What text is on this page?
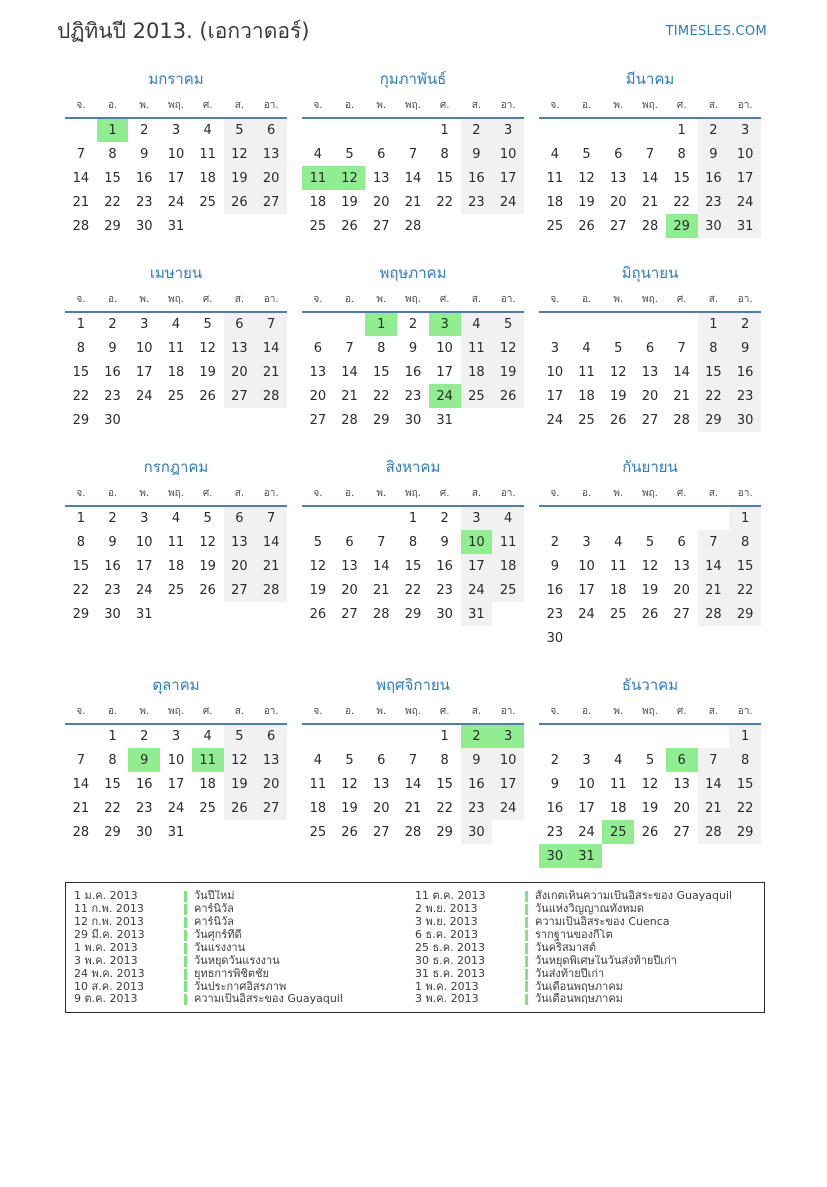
ปฏิทินปี 2013. (เอกวาดอร์)	TIMESLES.COM
มกราคม
จ.	อ.	พ.	พฤ.	ศ.	ส.	อา.
	1	2	3	4	5	6
7	8	9	10	11	12	13
14	15	16	17	18	19	20
21	22	23	24	25	26	27
28	29	30	31			
กุมภาพันธ์
จ.	อ.	พ.	พฤ.	ศ.	ส.	อา.
				1	2	3
4	5	6	7	8	9	10
11	12	13	14	15	16	17
18	19	20	21	22	23	24
25	26	27	28			
มีนาคม
จ.	อ.	พ.	พฤ.	ศ.	ส.	อา.
				1	2	3
4	5	6	7	8	9	10
11	12	13	14	15	16	17
18	19	20	21	22	23	24
25	26	27	28	29	30	31
เมษายน
จ.	อ.	พ.	พฤ.	ศ.	ส.	อา.
1	2	3	4	5	6	7
8	9	10	11	12	13	14
15	16	17	18	19	20	21
22	23	24	25	26	27	28
29	30					
พฤษภาคม
จ.	อ.	พ.	พฤ.	ศ.	ส.	อา.
		1	2	3	4	5
6	7	8	9	10	11	12
13	14	15	16	17	18	19
20	21	22	23	24	25	26
27	28	29	30	31		
มิถุนายน
จ.	อ.	พ.	พฤ.	ศ.	ส.	อา.
					1	2
3	4	5	6	7	8	9
10	11	12	13	14	15	16
17	18	19	20	21	22	23
24	25	26	27	28	29	30
กรกฎาคม
จ.	อ.	พ.	พฤ.	ศ.	ส.	อา.
1	2	3	4	5	6	7
8	9	10	11	12	13	14
15	16	17	18	19	20	21
22	23	24	25	26	27	28
29	30	31				
สิงหาคม
จ.	อ.	พ.	พฤ.	ศ.	ส.	อา.
			1	2	3	4
5	6	7	8	9	10	11
12	13	14	15	16	17	18
19	20	21	22	23	24	25
26	27	28	29	30	31	
กันยายน
จ.	อ.	พ.	พฤ.	ศ.	ส.	อา.
						1
2	3	4	5	6	7	8
9	10	11	12	13	14	15
16	17	18	19	20	21	22
23	24	25	26	27	28	29
30						
ตุลาคม
จ.	อ.	พ.	พฤ.	ศ.	ส.	อา.
	1	2	3	4	5	6
7	8	9	10	11	12	13
14	15	16	17	18	19	20
21	22	23	24	25	26	27
28	29	30	31			
พฤศจิกายน
จ.	อ.	พ.	พฤ.	ศ.	ส.	อา.
				1	2	3
4	5	6	7	8	9	10
11	12	13	14	15	16	17
18	19	20	21	22	23	24
25	26	27	28	29	30	
ธันวาคม
จ.	อ.	พ.	พฤ.	ศ.	ส.	อา.
						1
2	3	4	5	6	7	8
9	10	11	12	13	14	15
16	17	18	19	20	21	22
23	24	25	26	27	28	29
30	31					
1 ม.ค. 2013	วันปีใหม่
11 ก.พ. 2013	คาร์นิวัล
12 ก.พ. 2013	คาร์นิวัล
29 มี.ค. 2013	วันศุกร์ที่ดี
1 พ.ค. 2013	วันแรงงาน
3 พ.ค. 2013	วันหยุดวันแรงงาน
24 พ.ค. 2013	ยุทธการพิชิตชัย
10 ส.ค. 2013	วันประกาศอิสรภาพ
9 ต.ค. 2013	ความเป็นอิสระของ Guayaquil
11 ต.ค. 2013	สังเกตเห็นความเป็นอิสระของ Guayaquil
2 พ.ย. 2013	วันแห่งวิญญาณทั้งหมด
3 พ.ย. 2013	ความเป็นอิสระของ Cuenca
6 ธ.ค. 2013	รากฐานของกีโต
25 ธ.ค. 2013	วันคริสมาสต์
30 ธ.ค. 2013	วันหยุดพิเศษในวันส่งท้ายปีเก่า
31 ธ.ค. 2013	วันส่งท้ายปีเก่า
1 พ.ค. 2013	วันเดือนพฤษภาคม
3 พ.ค. 2013	วันเดือนพฤษภาคม
